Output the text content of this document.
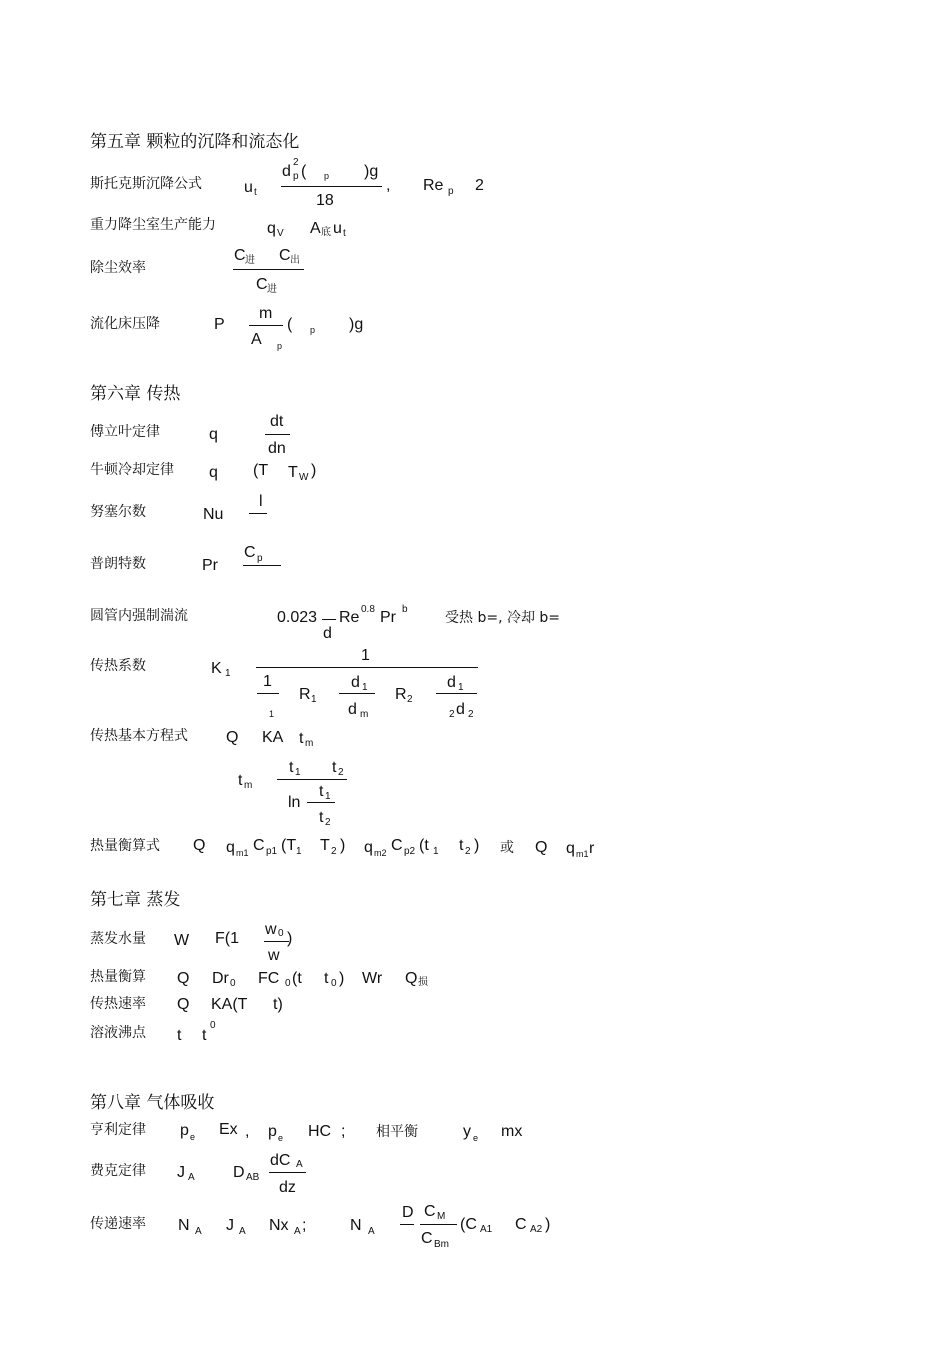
第五章 颗粒的沉降和流态化
斯托克斯沉降公式	u t
d
2
p ( p )g
18
, Re p 2
重力降尘室生产能力	q V A 底 u t
除尘效率
C 进 C 出
C 进
流化床压降	P
m
A p
( p )g
第六章 传热
傅立叶定律	q
dt
dn
牛顿冷却定律 q (T T W )
努塞尔数	Nu
l
普朗特数	Pr
C p
圆管内强制湍流	0.023
d
Re 0.8 Pr b
受热 b=, 冷却 b=
传热系数	K 1
1
1
1
R 1
d 1
d m
R 2
d 1
2 d 2
传热基本方程式 Q KA t m
t m
t 1 t 2
ln
t 1
t 2
热量衡算式 Q q m1 C p1 (T 1 T 2 ) q m2 C p2 (t 1 t 2 ) 或 Q q m1 r
第七章 蒸发
蒸发水量 W F(1
w 0
w
)
热量衡算 Q Dr 0 FC 0 (t t 0 ) Wr Q 损
传热速率 Q KA(T t)
溶液沸点 t t
0
第八章 气体吸收
亨利定律 p e Ex , p e HC ; 相平衡	y e mx
费克定律 J A D AB
dC A
dz
传递速率 N A J A Nx A ;	N A
D C M
C Bm
(C A1 C A2 )
